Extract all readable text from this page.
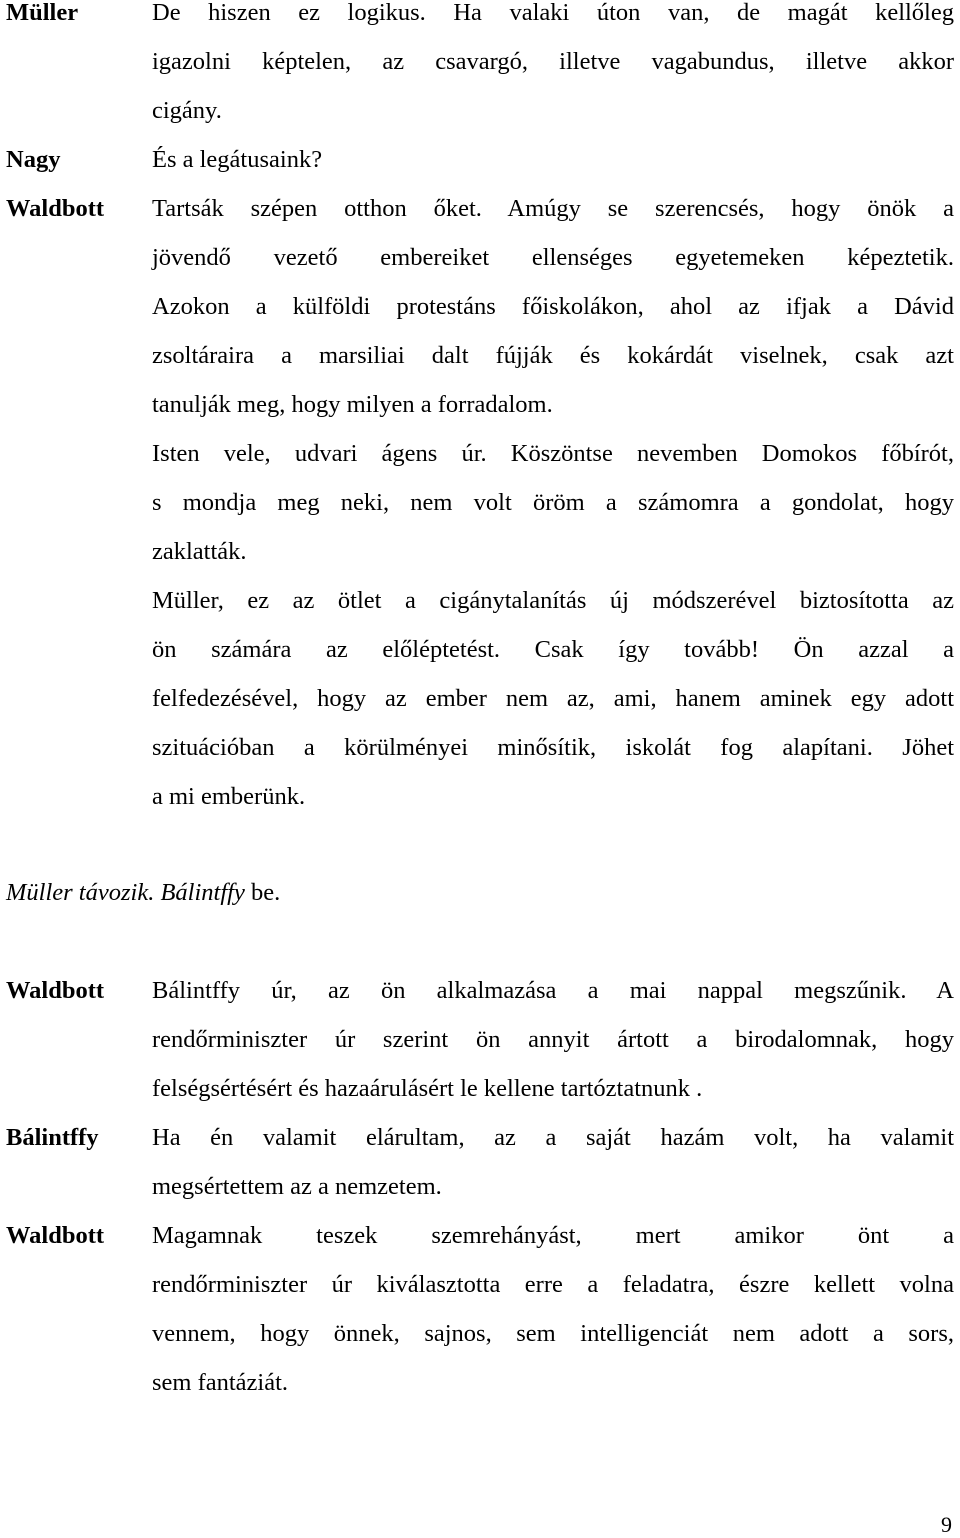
Müller	De hiszen ez logikus. Ha valaki úton van, de magát kellőleg
igazolni képtelen, az csavargó, illetve vagabundus, illetve akkor
cigány.
Nagy	És a legátusaink?
Waldbott Tartsák szépen otthon őket. Amúgy se szerencsés, hogy önök a
jövendő vezető embereiket ellenséges egyetemeken képeztetik.
Azokon a külföldi protestáns főiskolákon, ahol az ifjak a Dávid
zsoltáraira a marsiliai dalt fújják és kokárdát viselnek, csak azt
tanulják meg, hogy milyen a forradalom.
Isten vele, udvari ágens úr. Köszöntse nevemben Domokos főbírót,
s mondja meg neki, nem volt öröm a számomra a gondolat, hogy
zaklatták.
Müller, ez az ötlet a cigánytalanítás új módszerével biztosította az
ön számára az előléptetést. Csak így tovább! Ön azzal a
felfedezésével, hogy az ember nem az, ami, hanem aminek egy adott
szituációban a körülményei minősítik, iskolát fog alapítani. Jöhet
a mi emberünk.
Müller távozik. Bálintffy be.
Waldbott Bálintffy úr, az ön alkalmazása a mai nappal megszűnik. A
rendőrminiszter úr szerint ön annyit ártott a birodalomnak, hogy
felségsértésért és hazaárulásért le kellene tartóztatnunk .
Bálintffy Ha én valamit elárultam, az a saját hazám volt, ha valamit
megsértettem az a nemzetem.
Waldbott Magamnak teszek szemrehányást, mert amikor önt a
rendőrminiszter úr kiválasztotta erre a feladatra, észre kellett volna
vennem, hogy önnek, sajnos, sem intelligenciát nem adott a sors,
sem fantáziát.
9
